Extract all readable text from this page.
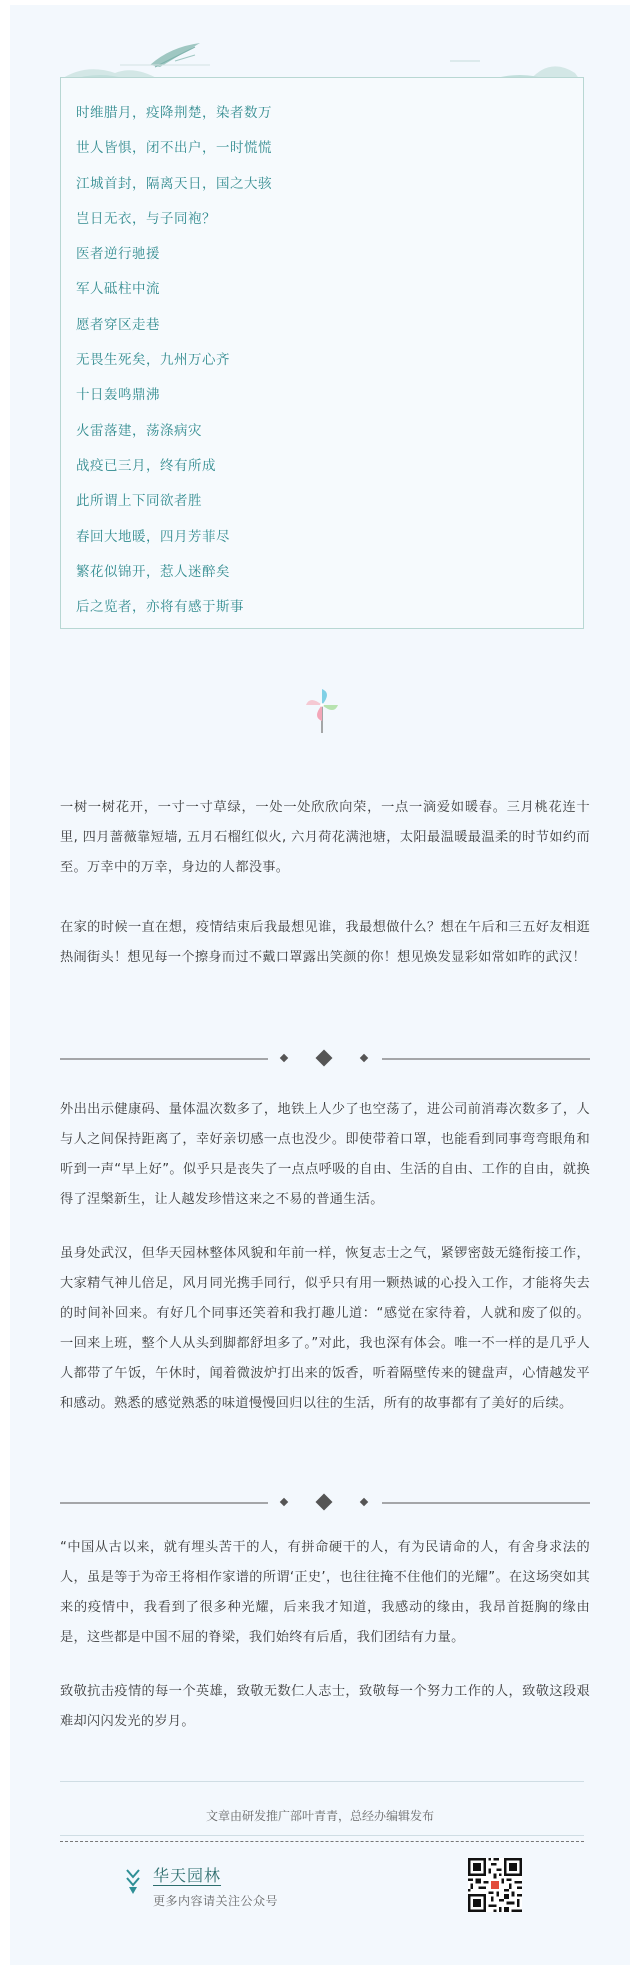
时维腊月，疫降荆楚，染者数万
世人皆惧，闭不出户，一时慌慌
江城首封，隔离天日，国之大骇
岂日无衣，与子同袍？
医者逆行驰援
军人砥柱中流
愿者穿区走巷
无畏生死矣，九州万心齐
十日轰鸣鼎沸
火雷落建，荡涤病灾
战疫已三月，终有所成
此所谓上下同欲者胜
春回大地暖，四月芳菲尽
繁花似锦开，惹人迷醉矣
后之览者，亦将有感于斯事

一树一树花开，一寸一寸草绿，一处一处欣欣向荣，一点一滴爱如暖春。三月桃花连十里, 四月蔷薇靠短墙, 五月石榴红似火, 六月荷花满池塘，太阳最温暖最温柔的时节如约而至。万幸中的万幸，身边的人都没事。

在家的时候一直在想，疫情结束后我最想见谁，我最想做什么？想在午后和三五好友相逛热闹街头！想见每一个擦身而过不戴口罩露出笑颜的你！想见焕发显彩如常如昨的武汉！

外出出示健康码、量体温次数多了，地铁上人少了也空荡了，进公司前消毒次数多了，人与人之间保持距离了，幸好亲切感一点也没少。即使带着口罩，也能看到同事弯弯眼角和听到一声“早上好”。似乎只是丧失了一点点呼吸的自由、生活的自由、工作的自由，就换得了涅槃新生，让人越发珍惜这来之不易的普通生活。

虽身处武汉，但华天园林整体风貌和年前一样，恢复志士之气，紧锣密鼓无缝衔接工作，大家精气神儿倍足，风月同光携手同行，似乎只有用一颗热诚的心投入工作，才能将失去的时间补回来。有好几个同事还笑着和我打趣儿道：“感觉在家待着，人就和废了似的。一回来上班，整个人从头到脚都舒坦多了。”对此，我也深有体会。唯一不一样的是几乎人人都带了午饭，午休时，闻着微波炉打出来的饭香，听着隔壁传来的键盘声，心情越发平和感动。熟悉的感觉熟悉的味道慢慢回归以往的生活，所有的故事都有了美好的后续。

“中国从古以来，就有埋头苦干的人，有拼命硬干的人，有为民请命的人，有舍身求法的人，虽是等于为帝王将相作家谱的所谓‘正史’，也往往掩不住他们的光耀”。在这场突如其来的疫情中，我看到了很多种光耀，后来我才知道，我感动的缘由，我昂首挺胸的缘由是，这些都是中国不屈的脊梁，我们始终有后盾，我们团结有力量。

致敬抗击疫情的每一个英雄，致敬无数仁人志士，致敬每一个努力工作的人，致敬这段艰难却闪闪发光的岁月。

文章由研发推广部叶青青，总经办编辑发布
华天园林
更多内容请关注公众号
